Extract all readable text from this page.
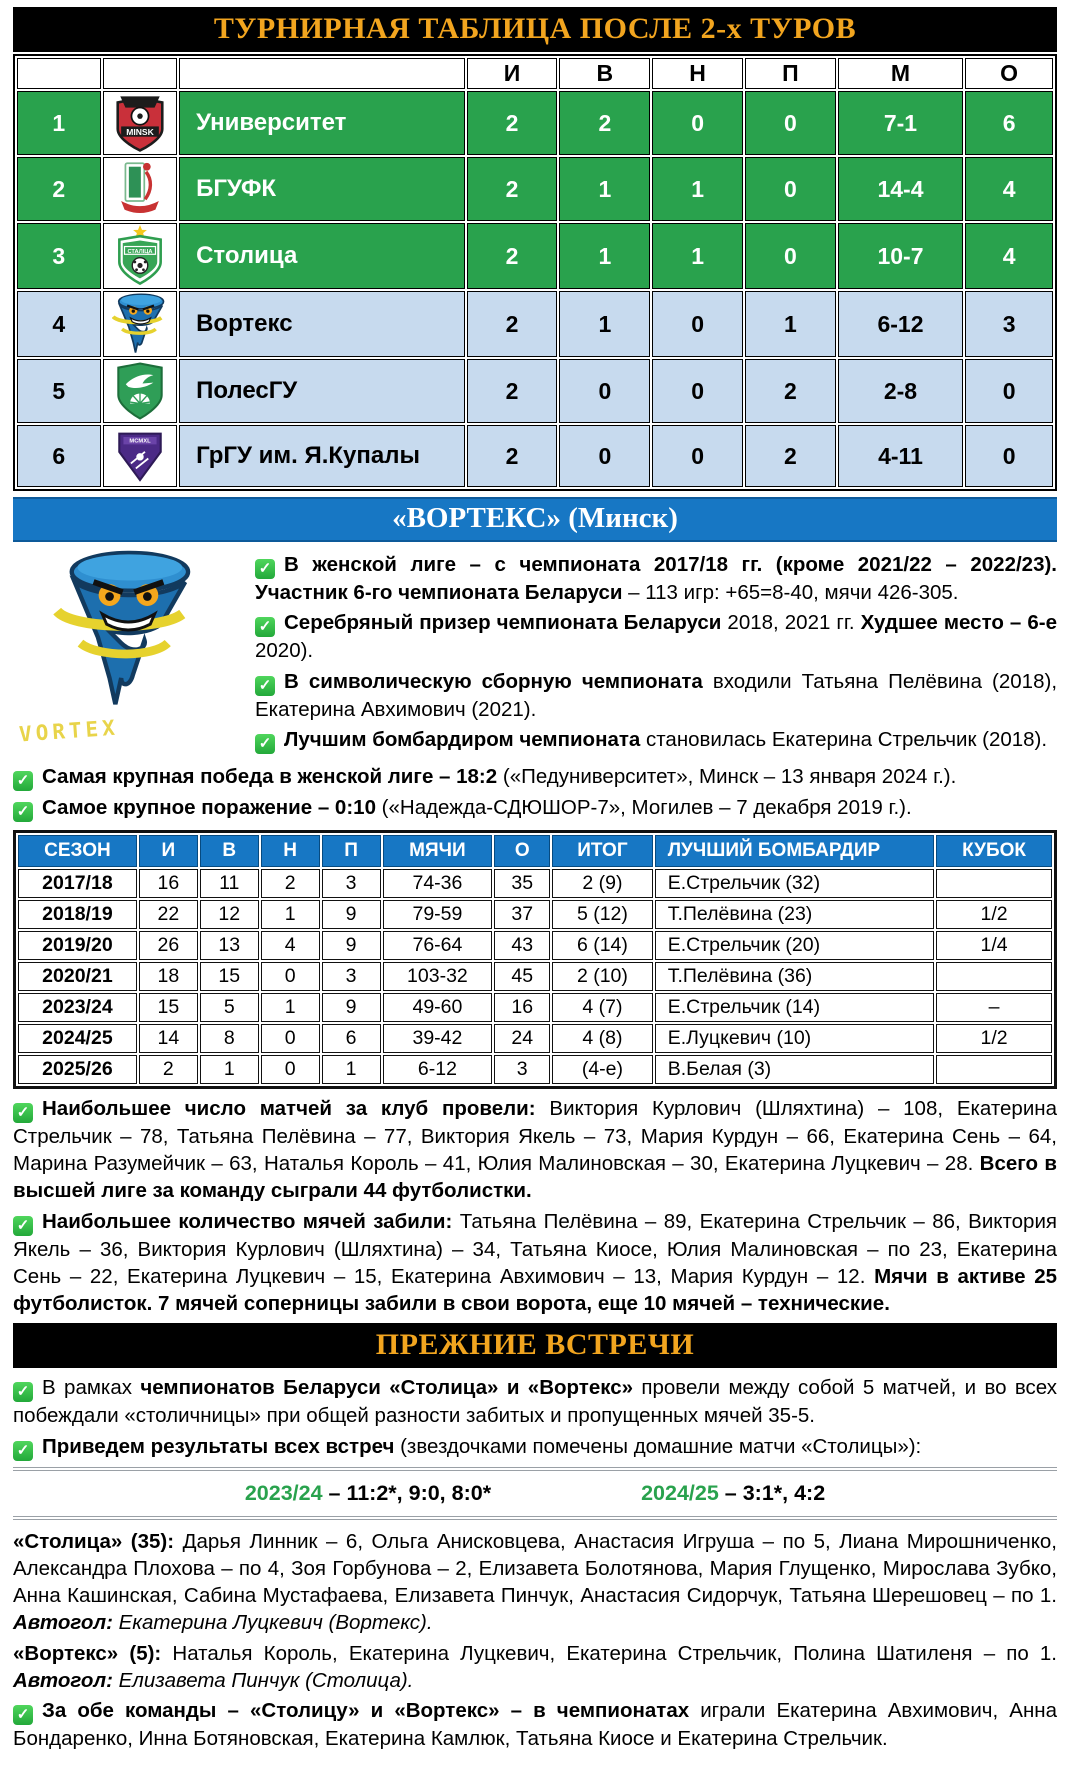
ТУРНИРНАЯ ТАБЛИЦА ПОСЛЕ 2-х ТУРОВ
			И	В	Н	П	М	О
1	MINSK	Университет	2	2	0	0	7-1	6
2		БГУФК	2	1	1	0	14-4	4
3	СТАЛІЦА	Столица	2	1	1	0	10-7	4
4		Вортекс	2	1	0	1	6-12	3
5		ПолесГУ	2	0	0	2	2-8	0
6	MCMXL	ГрГУ им. Я.Купалы	2	0	0	2	4-11	0
«ВОРТЕКС» (Минск)
VORTEX
✓ В женской лиге – с чемпионата 2017/18 гг. (кроме 2021/22 – 2022/23). Участник 6-го чемпионата Беларуси – 113 игр: +65=8-40, мячи 426-305.
✓ Серебряный призер чемпионата Беларуси 2018, 2021 гг. Худшее место – 6-е 2020).
✓ В символическую сборную чемпионата входили Татьяна Пелёвина (2018), Екатерина Авхимович (2021).
✓ Лучшим бомбардиром чемпионата становилась Екатерина Стрельчик (2018).
✓ Самая крупная победа в женской лиге – 18:2 («Педуниверситет», Минск – 13 января 2024 г.).
✓ Самое крупное поражение – 0:10 («Надежда-СДЮШОР-7», Могилев – 7 декабря 2019 г.).
СЕЗОН	И	В	Н	П	МЯЧИ	О	ИТОГ	ЛУЧШИЙ БОМБАРДИР	КУБОК
2017/18	16	11	2	3	74-36	35	2 (9)	Е.Стрельчик (32)	
2018/19	22	12	1	9	79-59	37	5 (12)	Т.Пелёвина (23)	1/2
2019/20	26	13	4	9	76-64	43	6 (14)	Е.Стрельчик (20)	1/4
2020/21	18	15	0	3	103-32	45	2 (10)	Т.Пелёвина (36)	
2023/24	15	5	1	9	49-60	16	4 (7)	Е.Стрельчик (14)	–
2024/25	14	8	0	6	39-42	24	4 (8)	Е.Луцкевич (10)	1/2
2025/26	2	1	0	1	6-12	3	(4-е)	В.Белая (3)	
✓ Наибольшее число матчей за клуб провели: Виктория Курлович (Шляхтина) – 108, Екатерина Стрельчик – 78, Татьяна Пелёвина – 77, Виктория Якель – 73, Мария Курдун – 66, Екатерина Сень – 64, Марина Разумейчик – 63, Наталья Король – 41, Юлия Малиновская – 30, Екатерина Луцкевич – 28. Всего в высшей лиге за команду сыграли 44 футболистки.
✓ Наибольшее количество мячей забили: Татьяна Пелёвина – 89, Екатерина Стрельчик – 86, Виктория Якель – 36, Виктория Курлович (Шляхтина) – 34, Татьяна Киосе, Юлия Малиновская – по 23, Екатерина Сень – 22, Екатерина Луцкевич – 15, Екатерина Авхимович – 13, Мария Курдун – 12. Мячи в активе 25 футболисток. 7 мячей соперницы забили в свои ворота, еще 10 мячей – технические.
ПРЕЖНИЕ ВСТРЕЧИ
✓ В рамках чемпионатов Беларуси «Столица» и «Вортекс» провели между собой 5 матчей, и во всех побеждали «столичницы» при общей разности забитых и пропущенных мячей 35-5.
✓ Приведем результаты всех встреч (звездочками помечены домашние матчи «Столицы»):
2023/24 – 11:2*, 9:0, 8:0*	2024/25 – 3:1*, 4:2
«Столица» (35): Дарья Линник – 6, Ольга Анисковцева, Анастасия Игруша – по 5, Лиана Мирошниченко, Александра Плохова – по 4, Зоя Горбунова – 2, Елизавета Болотянова, Мария Глущенко, Мирослава Зубко, Анна Кашинская, Сабина Мустафаева, Елизавета Пинчук, Анастасия Сидорчук, Татьяна Шерешовец – по 1. Автогол: Екатерина Луцкевич (Вортекс).
«Вортекс» (5): Наталья Король, Екатерина Луцкевич, Екатерина Стрельчик, Полина Шатиленя – по 1. Автогол: Елизавета Пинчук (Столица).
✓ За обе команды – «Столицу» и «Вортекс» – в чемпионатах играли Екатерина Авхимович, Анна Бондаренко, Инна Ботяновская, Екатерина Камлюк, Татьяна Киосе и Екатерина Стрельчик.
